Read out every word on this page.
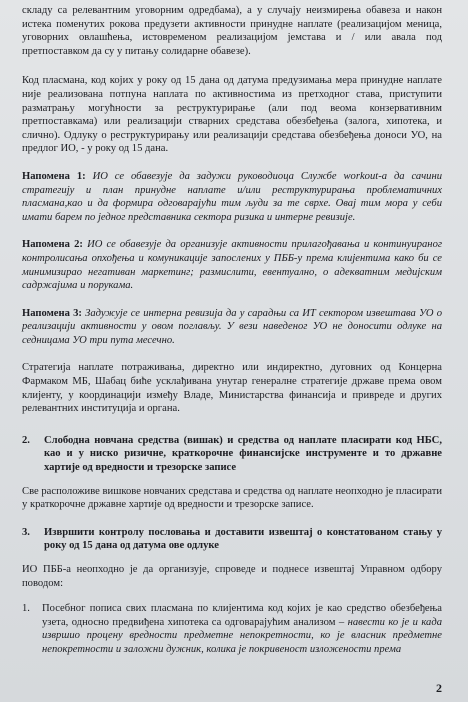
складу са релевантним уговорним одредбама), а у случају неизмирења обавеза и након истека поменутих рокова предузети активности принудне наплате (реализацијом меница, уговорних овлашћења, истовременом реализацијом јемстава и / или авала под претпоставком да су у питању солидарне обавезе).

Код пласмана, код којих у року од 15 дана од датума предузимања мера принудне наплате није реализована потпуна наплата по активностима из претходног става, приступити разматрању могућности за реструктурирање (али под веома конзервативним претпоставкама) или реализацији стварних средстава обезбеђења (залога, хипотека, и слично). Одлуку о реструктурирању или реализацији средстава обезбеђења доноси УО, на предлог ИО, - у року од 15 дана.

Напомена 1: ИО се обавезује да задужи руководиоца Службе workout-а да сачини стратегију и план принудне наплате и/или реструктурирања проблематичних пласмана,као и да формира одговарајући тим људи за те сврхе. Овај тим мора у себи имати барем по једног представника сектора ризика и интерне ревизије.

Напомена 2: ИО се обавезује да организује активности прилагођавања и континуираног контролисања опхођења и комуникације запослених у ПББ-у према клијентима како би се минимизирао негативан маркетинг; размислити, евентуално, о адекватним медијским садржајима и порукама.

Напомена 3: Задужује се интерна ревизија да у сарадњи са ИТ сектором извештава УО о реализацији активности у овом поглављу. У вези наведеног УО не доносити одлуке на седницама УО три пута месечно.

Стратегија наплате потраживања, директно или индиректно, дуговних од Концерна Фармаком МБ, Шабац биће усклађивана унутар генералне стратегије државе према овом клијенту, у координацији између Владе, Министарства финансија и привреде и других релевантних институција и органа.

2.	Слободна новчана средства (вишак) и средства од наплате пласирати код НБС, као и у нискo ризичне, краткорочне финансијске инструменте и то државне хартије од вредности и трезорске записе

Све расположиве вишкове новчаних средстава и средства од наплате неопходно је пласирати у краткорочне државне хартије од вредности и трезорске записе.

3.	Извршити контролу пословања и доставити извештај о констатованом стању у року од 15 дана од датума ове одлуке

ИО ПББ-а неопходно је да организује, спроведе и поднесе извештај Управном одбору поводом:

1.	Посебног пописа свих пласмана по клијентима код којих је као средство обезбеђења узета, односно предвиђена хипотека са одговарајућим анализом – навести ко је и када извршио процену вредности предметне непокретности, ко је власник предметне непокретности и заложни дужник, колика је покривеност изложености према
2
